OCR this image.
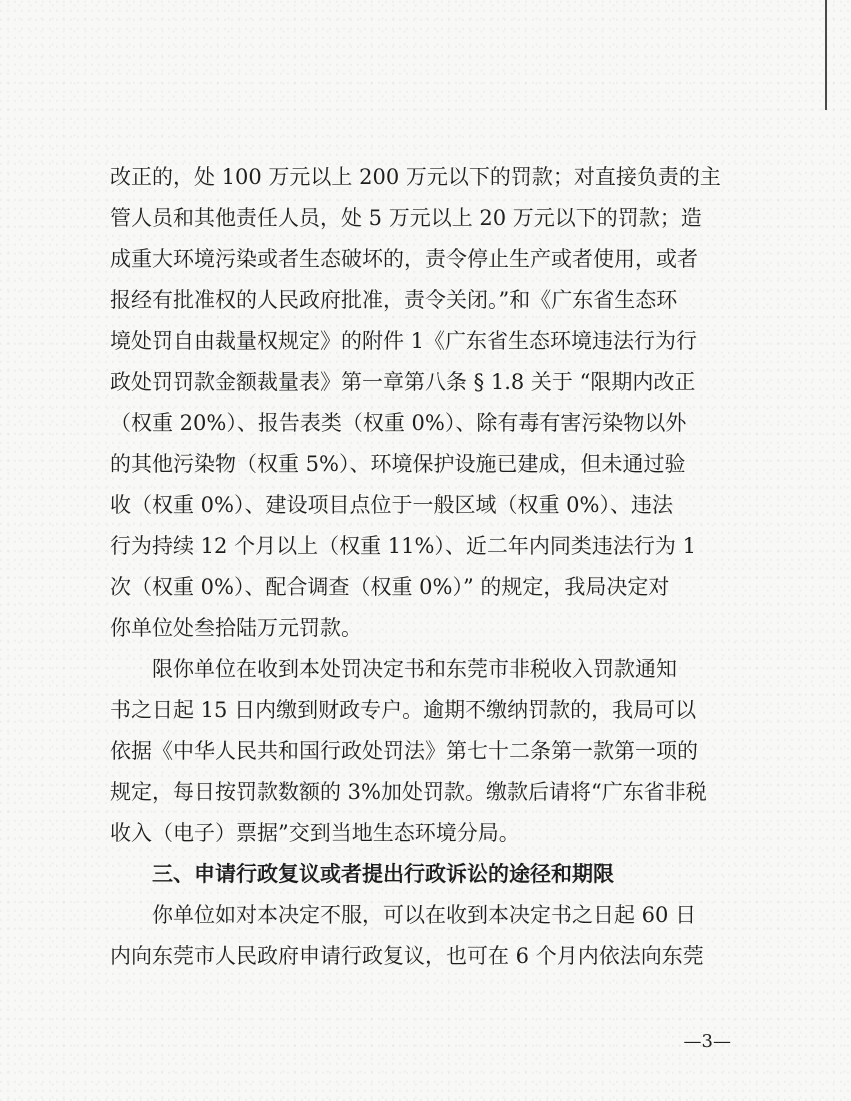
改正的，处 100 万元以上 200 万元以下的罚款；对直接负责的主
管人员和其他责任人员，处 5 万元以上 20 万元以下的罚款；造
成重大环境污染或者生态破坏的，责令停止生产或者使用，或者
报经有批准权的人民政府批准，责令关闭。”和《广东省生态环
境处罚自由裁量权规定》的附件 1《广东省生态环境违法行为行
政处罚罚款金额裁量表》第一章第八条 § 1.8 关于 “限期内改正
（权重 20%）、报告表类（权重 0%）、除有毒有害污染物以外
的其他污染物（权重 5%）、环境保护设施已建成，但未通过验
收（权重 0%）、建设项目点位于一般区域（权重 0%）、违法
行为持续 12 个月以上（权重 11%）、近二年内同类违法行为 1
次（权重 0%）、配合调查（权重 0%）” 的规定，我局决定对
你单位处叁拾陆万元罚款。
限你单位在收到本处罚决定书和东莞市非税收入罚款通知
书之日起 15 日内缴到财政专户。逾期不缴纳罚款的，我局可以
依据《中华人民共和国行政处罚法》第七十二条第一款第一项的
规定，每日按罚款数额的 3%加处罚款。缴款后请将“广东省非税
收入（电子）票据”交到当地生态环境分局。
三、申请行政复议或者提出行政诉讼的途径和期限
你单位如对本决定不服，可以在收到本决定书之日起 60 日
内向东莞市人民政府申请行政复议，也可在 6 个月内依法向东莞
—3—
